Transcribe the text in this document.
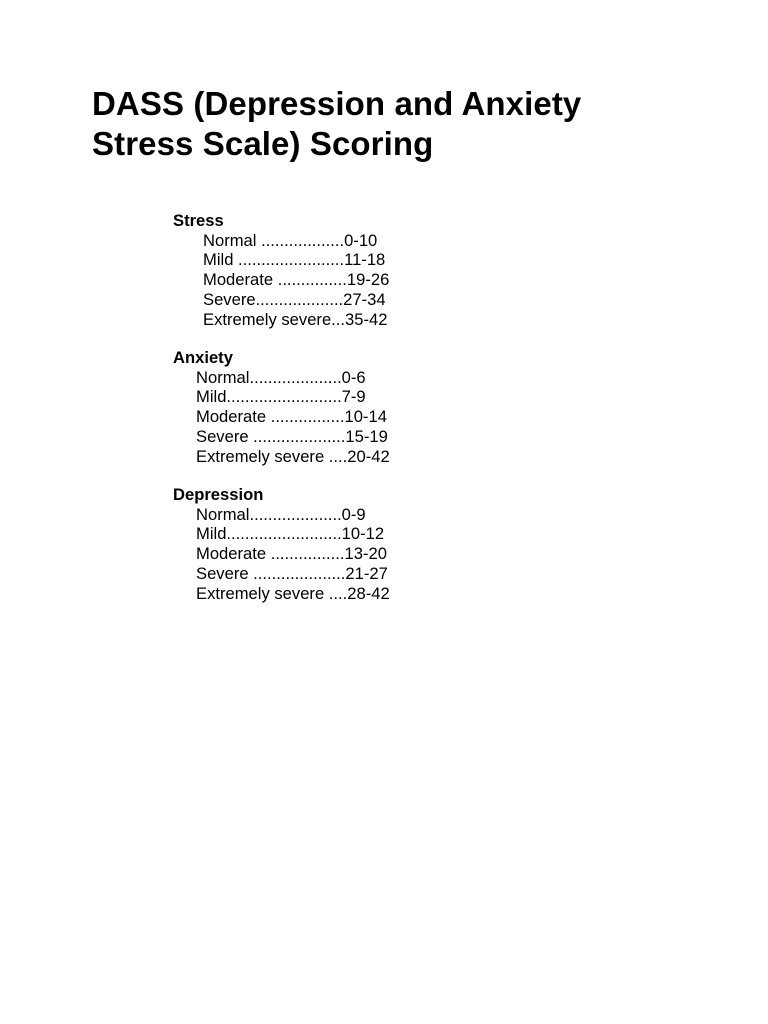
DASS (Depression and Anxiety
Stress Scale) Scoring
Stress
Normal ..................0-10
Mild .......................11-18
Moderate ...............19-26
Severe...................27-34
Extremely severe...35-42
Anxiety
Normal....................0-6
Mild.........................7-9
Moderate ................10-14
Severe ....................15-19
Extremely severe ....20-42
Depression
Normal....................0-9
Mild.........................10-12
Moderate ................13-20
Severe ....................21-27
Extremely severe ....28-42
